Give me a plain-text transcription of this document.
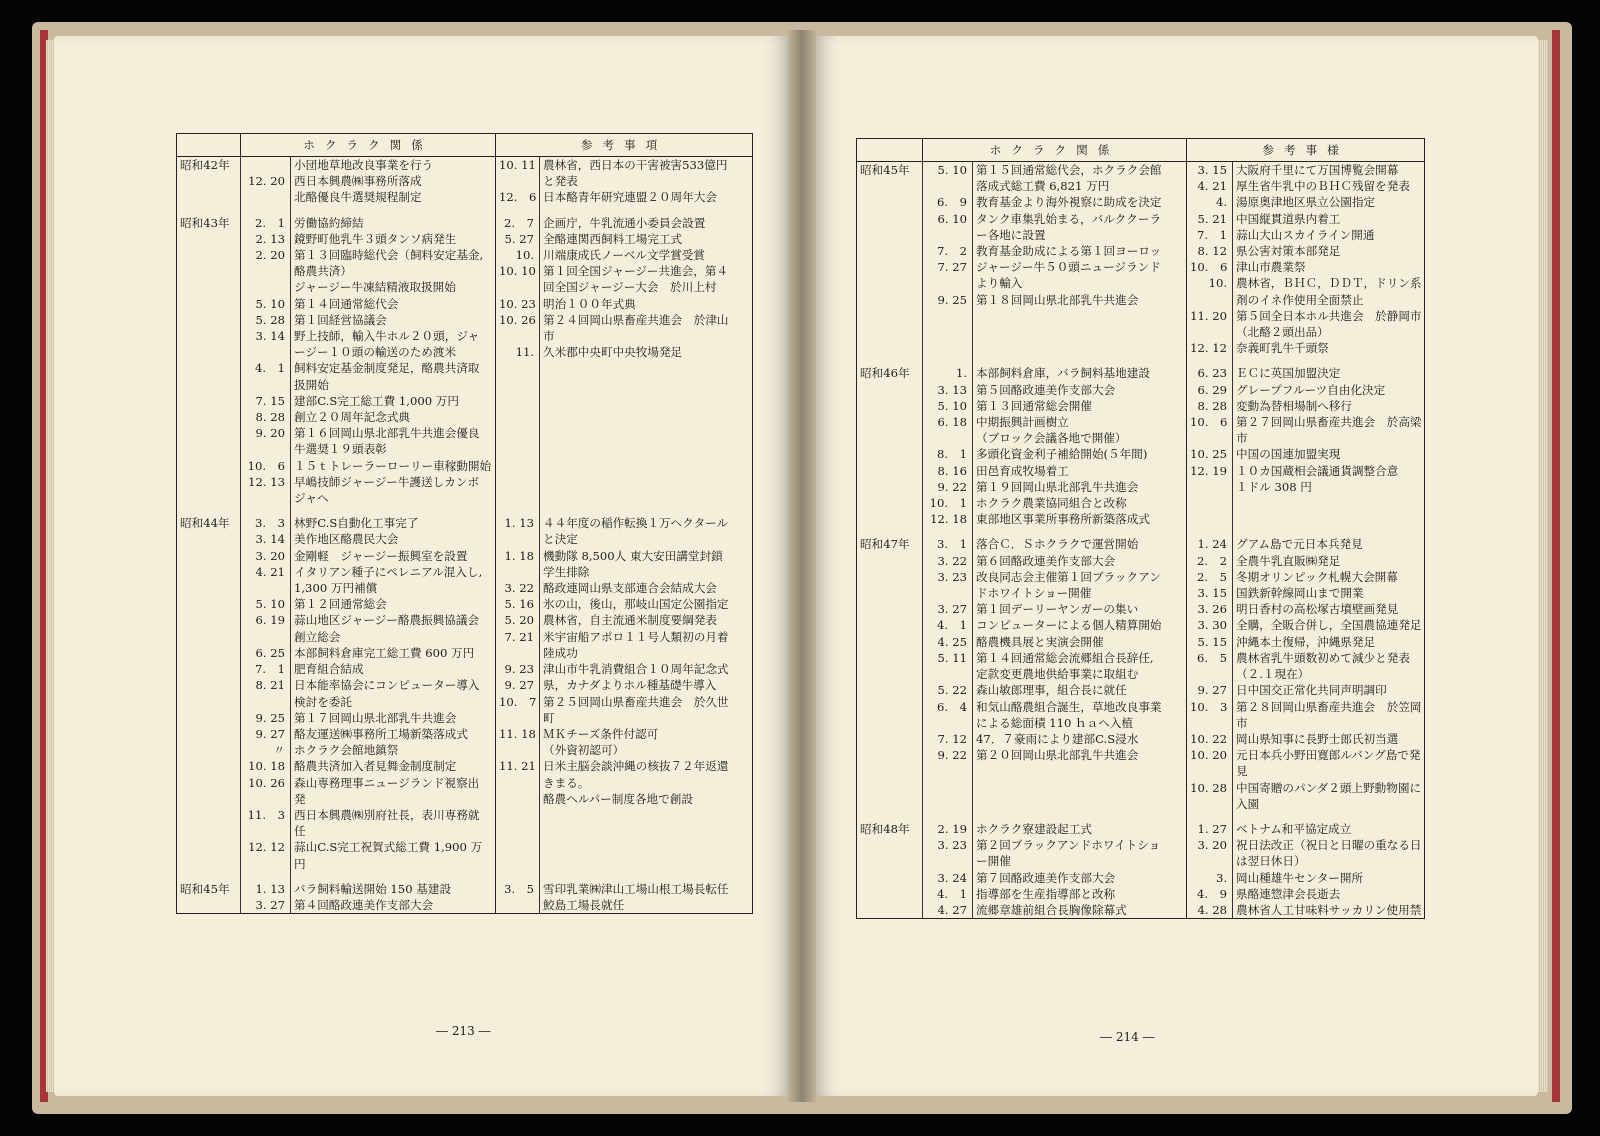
	ホクラク関係		参考事項	
昭和42年		小団地草地改良事業を行う	10. 11	農林省，西日本の干害被害533億円
	12. 20	西日本興農㈱事務所落成		と発表
		北酪優良牛選奨規程制定	12.　6	日本酪青年研究連盟２０周年大会

昭和43年	2.　1	労働協約締結	2.　7	企画庁，牛乳流通小委員会設置
	2. 13	鏡野町他乳牛３頭タンソ病発生	5. 27	全酪連関西飼料工場完工式
	2. 20	第１３回臨時総代会（飼料安定基金,	10.	川端康成氏ノーベル文学賞受賞
		酪農共済）	10. 10	第１回全国ジャージー共進会，第４
		ジャージー牛凍結精液取扱開始		回全国ジャージー大会　於川上村
	5. 10	第１４回通常総代会	10. 23	明治１００年式典
	5. 28	第１回経営協議会	10. 26	第２４回岡山県畜産共進会　於津山
	3. 14	野上技師，輸入牛ホル２０頭，ジャ		市
		ージー１０頭の輸送のため渡米	11.	久米郡中央町中央牧場発足
	4.　1	飼料安定基金制度発足，酪農共済取		
		扱開始		
	7. 15	建部C.S完工総工費 1,000 万円		
	8. 28	創立２０周年記念式典		
	9. 20	第１６回岡山県北部乳牛共進会優良		
		牛選奨１９頭表彰		
	10.　6	１５ｔトレーラーローリー車稼動開始		
	12. 13	早嶋技師ジャージー牛護送しカンボ		
		ジャへ		

昭和44年	3.　3	林野C.S自動化工事完了	1. 13	４４年度の稲作転換１万ヘクタール
	3. 14	美作地区酪農民大会		と決定
	3. 20	金剛軽　ジャージー振興室を設置	1. 18	機動隊 8,500人 東大安田講堂封鎖
	4. 21	イタリアン種子にペレニアル混入し,		学生排除
		1,300 万円補償	3. 22	酪政連岡山県支部連合会結成大会
	5. 10	第１２回通常総会	5. 16	氷の山，後山，那岐山国定公園指定
	6. 19	蒜山地区ジャージー酪農振興協議会	5. 20	農林省，自主流通米制度要綱発表
		創立総会	7. 21	米宇宙船アポロ１１号人類初の月着
	6. 25	本部飼料倉庫完工総工費 600 万円		陸成功
	7.　1	肥育組合結成	9. 23	津山市牛乳消費組合１０周年記念式
	8. 21	日本能率協会にコンピューター導入	9. 27	県，カナダよりホル種基礎牛導入
		検討を委託	10.　7	第２５回岡山県畜産共進会　於久世
	9. 25	第１７回岡山県北部乳牛共進会		町
	9. 27	酪友運送㈱事務所工場新築落成式	11. 18	ＭＫチーズ条件付認可
	〃	ホクラク会館地鎮祭		（外資初認可）
	10. 18	酪農共済加入者見舞金制度制定	11. 21	日米主脳会談沖縄の核抜７２年返還
	10. 26	森山専務理事ニュージランド視察出		きまる。
		発		酪農ヘルパー制度各地で創設
	11.　3	西日本興農㈱別府社長，表川専務就		
		任		
	12. 12	蒜山C.S完工祝賀式総工費 1,900 万		
		円		

昭和45年	1. 13	バラ飼料輸送開始 150 基建設	3.　5	雪印乳業㈱津山工場山根工場長転任
	3. 27	第４回酪政連美作支部大会		鮫島工場長就任
	ホクラク関係		参考事様	
昭和45年	5. 10	第１５回通常総代会，ホクラク会館	3. 15	大阪府千里にて万国博覧会開幕
		落成式総工費 6,821 万円	4. 21	厚生省牛乳中のＢＨＣ残留を発表
	6.　9	教育基金より海外視察に助成を決定	4.	湯原奥津地区県立公園指定
	6. 10	タンク車集乳始まる，バルククーラ	5. 21	中国縦貫道県内着工
		ー各地に設置	7.　1	蒜山大山スカイライン開通
	7.　2	教育基金助成による第１回ヨーロッ	8. 12	県公害対策本部発足
	7. 27	ジャージー牛５０頭ニュージランド	10.　6	津山市農業祭
		より輸入	10.	農林省，ＢＨＣ，ＤＤＴ，ドリン系
	9. 25	第１８回岡山県北部乳牛共進会		剤のイネ作使用全面禁止
			11. 20	第５回全日本ホル共進会　於静岡市
				（北酪２頭出品）
			12. 12	奈義町乳牛千頭祭

昭和46年	1.	本部飼料倉庫，バラ飼料基地建設	6. 23	ＥＣに英国加盟決定
	3. 13	第５回酪政連美作支部大会	6. 29	グレープフルーツ自由化決定
	5. 10	第１３回通常総会開催	8. 28	変動為替相場制へ移行
	6. 18	中期振興計画樹立	10.　6	第２７回岡山県畜産共進会　於高梁
		（ブロック会議各地で開催）		市
	8.　1	多頭化資金利子補給開始(５年間)	10. 25	中国の国連加盟実現
	8. 16	田邑育成牧場着工	12. 19	１０カ国蔵相会議通貨調整合意
	9. 22	第１９回岡山県北部乳牛共進会		１ドル 308 円
	10.　1	ホクラク農業協同組合と改称		
	12. 18	東部地区事業所事務所新築落成式		

昭和47年	3.　1	落合Ｃ．Ｓホクラクで運営開始	1. 24	グアム島で元日本兵発見
	3. 22	第６回酪政連美作支部大会	2.　2	全農牛乳直販㈱発足
	3. 23	改良同志会主催第１回ブラックアン	2.　5	冬期オリンピック札幌大会開幕
		ドホワイトショー開催	3. 15	国鉄新幹線岡山まで開業
	3. 27	第１回デーリーヤンガーの集い	3. 26	明日香村の高松塚古墳壁画発見
	4.　1	コンピューターによる個人精算開始	3. 30	全購，全販合併し，全国農協連発足
	4. 25	酪農機具展と実演会開催	5. 15	沖縄本土復帰，沖縄県発足
	5. 11	第１４回通常総会流郷組合長辞任,	6.　5	農林省乳牛頭数初めて減少と発表
		定款変更農地供給事業に取組む		（２.１現在）
	5. 22	森山敏郎理事，組合長に就任	9. 27	日中国交正常化共同声明調印
	6.　4	和気山酪農組合誕生，草地改良事業	10.　3	第２８回岡山県畜産共進会　於笠岡
		による総面積 110 ｈａへ入植		市
	7. 12	47．７豪雨により建部C.S浸水	10. 22	岡山県知事に長野士郎氏初当選
	9. 22	第２０回岡山県北部乳牛共進会	10. 20	元日本兵小野田寛郎ルバング島で発
				見
			10. 28	中国寄贈のパンダ２頭上野動物園に
				入園

昭和48年	2. 19	ホクラク寮建設起工式	1. 27	ベトナム和平協定成立
	3. 23	第２回ブラックアンドホワイトショ	3. 20	祝日法改正（祝日と日曜の重なる日
		ー開催		は翌日休日）
	3. 24	第７回酪政連美作支部大会	3.	岡山種雄牛センター開所
	4.　1	指導部を生産指導部と改称	4.　9	県酪連惣津会長逝去
	4. 27	流郷章雄前組合長胸像除幕式	4. 28	農林省人工甘味料サッカリン使用禁
― 213 ―	― 214 ―
